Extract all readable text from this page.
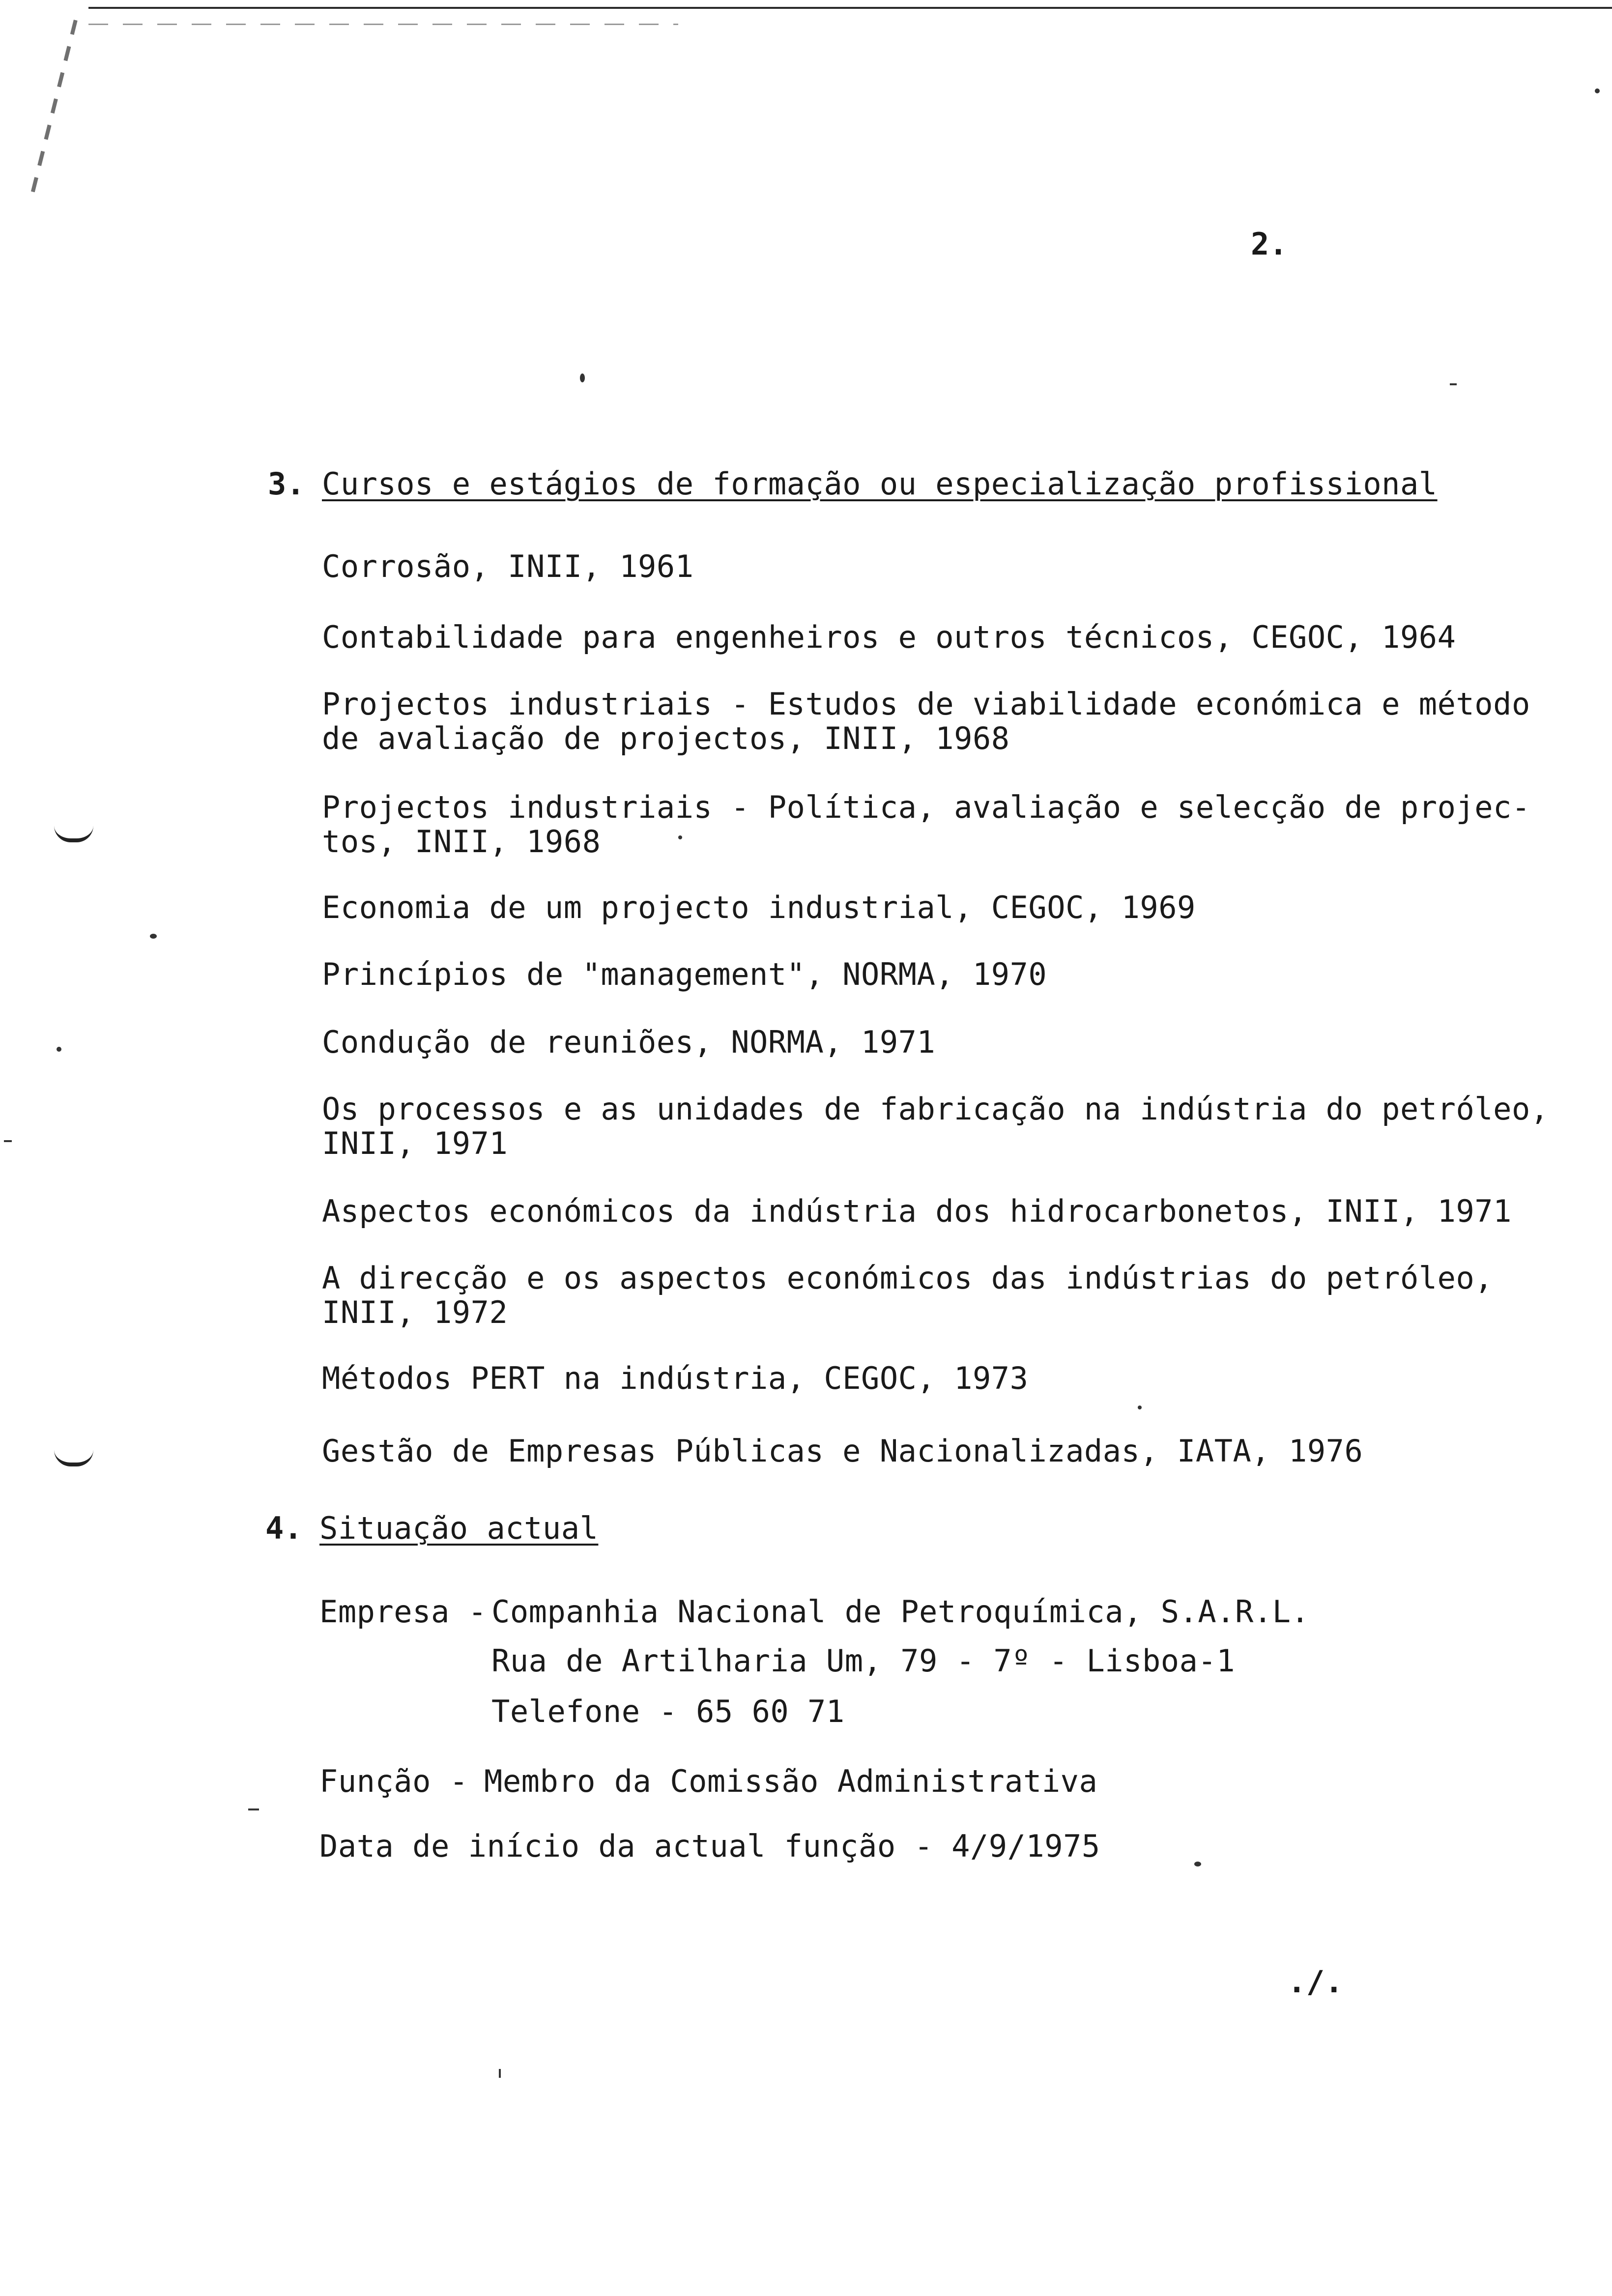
2.
3. Cursos e estágios de formação ou especialização profissional
Corrosão, INII, 1961
Contabilidade para engenheiros e outros técnicos, CEGOC, 1964
Projectos industriais - Estudos de viabilidade económica e método
de avaliação de projectos, INII, 1968
Projectos industriais - Política, avaliação e selecção de projec-
tos, INII, 1968
Economia de um projecto industrial, CEGOC, 1969
Princípios de "management", NORMA, 1970
Condução de reuniões, NORMA, 1971
Os processos e as unidades de fabricação na indústria do petróleo,
INII, 1971
Aspectos económicos da indústria dos hidrocarbonetos, INII, 1971
A direcção e os aspectos económicos das indústrias do petróleo,
INII, 1972
Métodos PERT na indústria, CEGOC, 1973
Gestão de Empresas Públicas e Nacionalizadas, IATA, 1976
4. Situação actual
Empresa - Companhia Nacional de Petroquímica, S.A.R.L.
Rua de Artilharia Um, 79 - 7º - Lisboa-1
Telefone - 65 60 71
Função - Membro da Comissão Administrativa
Data de início da actual função - 4/9/1975
./.
